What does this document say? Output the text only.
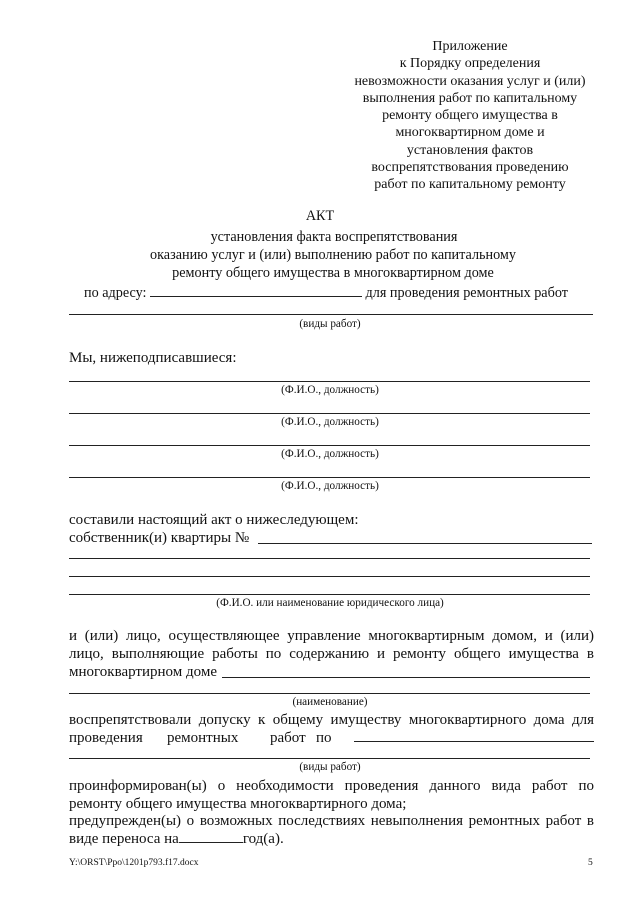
Приложение
к Порядку определения
невозможности оказания услуг и (или)
выполнения работ по капитальному
ремонту общего имущества в
многоквартирном доме и
установления фактов
воспрепятствования проведению
работ по капитальному ремонту
АКТ
установления факта воспрепятствования
оказанию услуг и (или) выполнению работ по капитальному
ремонту общего имущества в многоквартирном доме
по адресу:	для проведения ремонтных работ
(виды работ)
Мы, нижеподписавшиеся:
(Ф.И.О., должность)
(Ф.И.О., должность)
(Ф.И.О., должность)
(Ф.И.О., должность)
составили настоящий акт о нижеследующем:
собственник(и) квартиры №
(Ф.И.О. или наименование юридического лица)
и (или) лицо, осуществляющее управление многоквартирным домом, и (или)
лицо, выполняющие работы по содержанию и ремонту общего имущества в
многоквартирном доме
(наименование)
воспрепятствовали допуску к общему имуществу многоквартирного дома для
проведения ремонтных работ по
(виды работ)
проинформирован(ы) о необходимости проведения данного вида работ по
ремонту общего имущества многоквартирного дома;
предупрежден(ы) о возможных последствиях невыполнения ремонтных работ в
виде переноса на	год(а).
Y:\ORST\Ppo\1201p793.f17.docx	5
